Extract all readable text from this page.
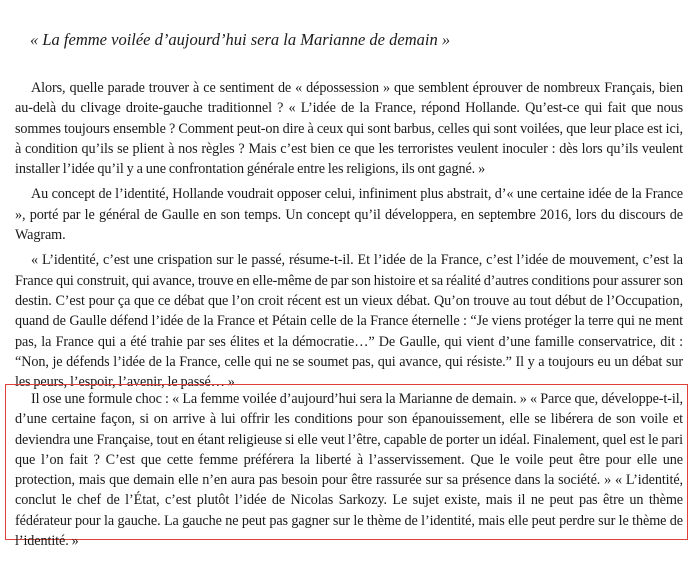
« La femme voilée d’aujourd’hui sera la Marianne de demain »

Alors, quelle parade trouver à ce sentiment de « dépossession » que semblent éprouver de nombreux Français, bien au-delà du clivage droite-gauche traditionnel ? « L’idée de la France, répond Hollande. Qu’est-ce qui fait que nous sommes toujours ensemble ? Comment peut-on dire à ceux qui sont barbus, celles qui sont voilées, que leur place est ici, à condition qu’ils se plient à nos règles ? Mais c’est bien ce que les terroristes veulent inoculer : dès lors qu’ils veulent installer l’idée qu’il y a une confrontation générale entre les religions, ils ont gagné. »

Au concept de l’identité, Hollande voudrait opposer celui, infiniment plus abstrait, d’« une certaine idée de la France », porté par le général de Gaulle en son temps. Un concept qu’il développera, en septembre 2016, lors du discours de Wagram.

« L’identité, c’est une crispation sur le passé, résume-t-il. Et l’idée de la France, c’est l’idée de mouvement, c’est la France qui construit, qui avance, trouve en elle-même de par son histoire et sa réalité d’autres conditions pour assurer son destin. C’est pour ça que ce débat que l’on croit récent est un vieux débat. Qu’on trouve au tout début de l’Occupation, quand de Gaulle défend l’idée de la France et Pétain celle de la France éternelle : “Je viens protéger la terre qui ne ment pas, la France qui a été trahie par ses élites et la démocratie…” De Gaulle, qui vient d’une famille conservatrice, dit : “Non, je défends l’idée de la France, celle qui ne se soumet pas, qui avance, qui résiste.” Il y a toujours eu un débat sur les peurs, l’espoir, l’avenir, le passé… »

Il ose une formule choc : « La femme voilée d’aujourd’hui sera la Marianne de demain. » « Parce que, développe-t-il, d’une certaine façon, si on arrive à lui offrir les conditions pour son épanouissement, elle se libérera de son voile et deviendra une Française, tout en étant religieuse si elle veut l’être, capable de porter un idéal. Finalement, quel est le pari que l’on fait ? C’est que cette femme préférera la liberté à l’asservissement. Que le voile peut être pour elle une protection, mais que demain elle n’en aura pas besoin pour être rassurée sur sa présence dans la société. » « L’identité, conclut le chef de l’État, c’est plutôt l’idée de Nicolas Sarkozy. Le sujet existe, mais il ne peut pas être un thème fédérateur pour la gauche. La gauche ne peut pas gagner sur le thème de l’identité, mais elle peut perdre sur le thème de l’identité. »
